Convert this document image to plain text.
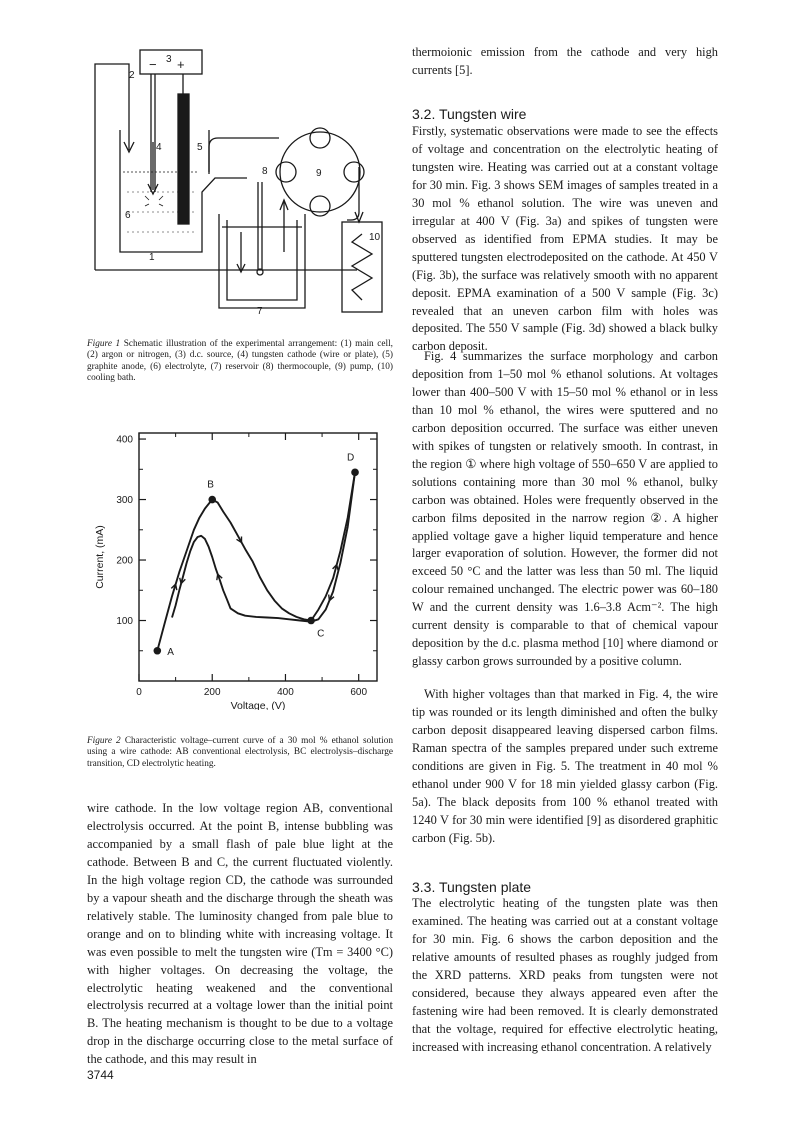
− +
3
2
4	5
6
1
7
8	9
10

Figure 1 Schematic illustration of the experimental arrangement: (1) main cell, (2) argon or nitrogen, (3) d.c. source, (4) tungsten cathode (wire or plate), (5) graphite anode, (6) electrolyte, (7) reservoir (8) thermocouple, (9) pump, (10) cooling bath.

0	200	400	600
100
200
300
400
Voltage, (V)
Current, (mA)
A
B
C
D

Figure 2 Characteristic voltage–current curve of a 30 mol % ethanol solution using a wire cathode: AB conventional electrolysis, BC electrolysis–discharge transition, CD electrolytic heating.

wire cathode. In the low voltage region AB, conventional electrolysis occurred. At the point B, intense bubbling was accompanied by a small flash of pale blue light at the cathode. Between B and C, the current fluctuated violently. In the high voltage region CD, the cathode was surrounded by a vapour sheath and the discharge through the sheath was relatively stable. The luminosity changed from pale blue to orange and on to blinding white with increasing voltage. It was even possible to melt the tungsten wire (Tm = 3400 °C) with higher voltages. On decreasing the voltage, the electrolytic heating weakened and the conventional electrolysis recurred at a voltage lower than the initial point B. The heating mechanism is thought to be due to a voltage drop in the discharge occurring close to the metal surface of the cathode, and this may result in

thermoionic emission from the cathode and very high currents [5].

3.2. Tungsten wire

Firstly, systematic observations were made to see the effects of voltage and concentration on the electrolytic heating of tungsten wire. Heating was carried out at a constant voltage for 30 min. Fig. 3 shows SEM images of samples treated in a 30 mol % ethanol solution. The wire was uneven and irregular at 400 V (Fig. 3a) and spikes of tungsten were observed as identified from EPMA studies. It may be sputtered tungsten electrodeposited on the cathode. At 450 V (Fig. 3b), the surface was relatively smooth with no apparent deposit. EPMA examination of a 500 V sample (Fig. 3c) revealed that an uneven carbon film with holes was deposited. The 550 V sample (Fig. 3d) showed a black bulky carbon deposit.

Fig. 4 summarizes the surface morphology and carbon deposition from 1–50 mol % ethanol solutions. At voltages lower than 400–500 V with 15–50 mol % ethanol or in less than 10 mol % ethanol, the wires were sputtered and no carbon deposition occurred. The surface was either uneven with spikes of tungsten or relatively smooth. In contrast, in the region ① where high voltage of 550–650 V are applied to solutions containing more than 30 mol % ethanol, bulky carbon was obtained. Holes were frequently observed in the carbon films deposited in the narrow region ②. A higher applied voltage gave a higher liquid temperature and hence larger evaporation of solution. However, the former did not exceed 50 °C and the latter was less than 50 ml. The liquid colour remained unchanged. The electric power was 60–180 W and the current density was 1.6–3.8 Acm⁻². The high current density is comparable to that of chemical vapour deposition by the d.c. plasma method [10] where diamond or glassy carbon grows surrounded by a positive column.

With higher voltages than that marked in Fig. 4, the wire tip was rounded or its length diminished and often the bulky carbon deposit disappeared leaving dispersed carbon films. Raman spectra of the samples prepared under such extreme conditions are given in Fig. 5. The treatment in 40 mol % ethanol under 900 V for 18 min yielded glassy carbon (Fig. 5a). The black deposits from 100 % ethanol treated with 1240 V for 30 min were identified [9] as disordered graphitic carbon (Fig. 5b).

3.3. Tungsten plate

The electrolytic heating of the tungsten plate was then examined. The heating was carried out at a constant voltage for 30 min. Fig. 6 shows the carbon deposition and the relative amounts of resulted phases as roughly judged from the XRD patterns. XRD peaks from tungsten were not considered, because they always appeared even after the fastening wire had been removed. It is clearly demonstrated that the voltage, required for effective electrolytic heating, increased with increasing ethanol concentration. A relatively

3744
